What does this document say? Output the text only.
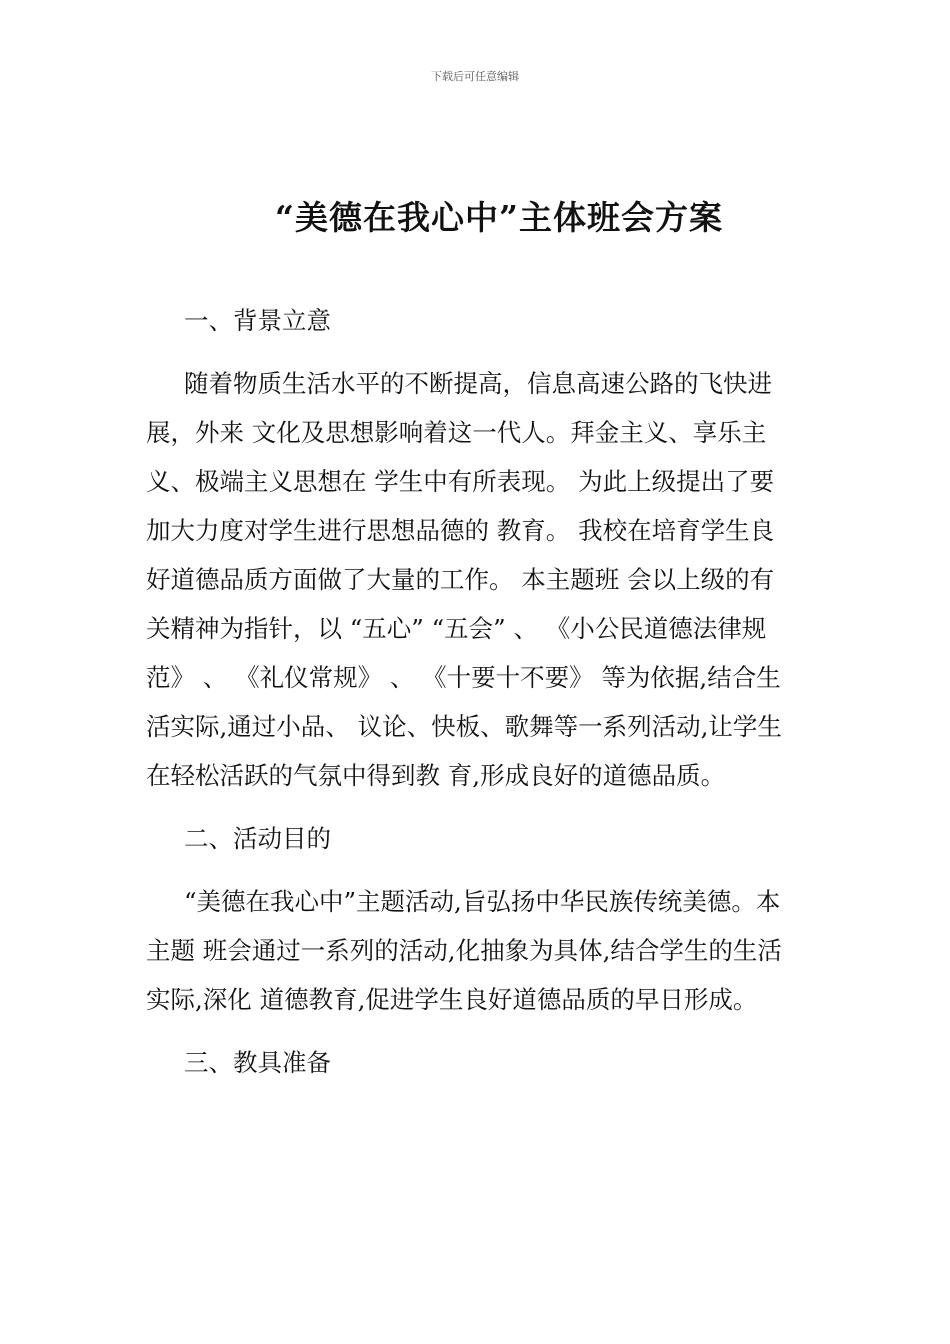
下载后可任意编辑
“美德在我心中”主体班会方案

一、背景立意

随着物质生活水平的不断提高，信息高速公路的飞快进展，外来 文化及思想影响着这一代人。拜金主义、享乐主义、极端主义思想在 学生中有所表现。 为此上级提出了要加大力度对学生进行思想品德的 教育。 我校在培育学生良好道德品质方面做了大量的工作。 本主题班 会以上级的有关精神为指针，以 “五心” “五会” 、 《小公民道德法律规范》 、 《礼仪常规》 、 《十要十不要》 等为依据,结合生活实际,通过小品、 议论、快板、歌舞等一系列活动,让学生在轻松活跃的气氛中得到教 育,形成良好的道德品质。

二、活动目的

“美德在我心中”主题活动,旨弘扬中华民族传统美德。本主题 班会通过一系列的活动,化抽象为具体,结合学生的生活实际,深化 道德教育,促进学生良好道德品质的早日形成。

三、教具准备
